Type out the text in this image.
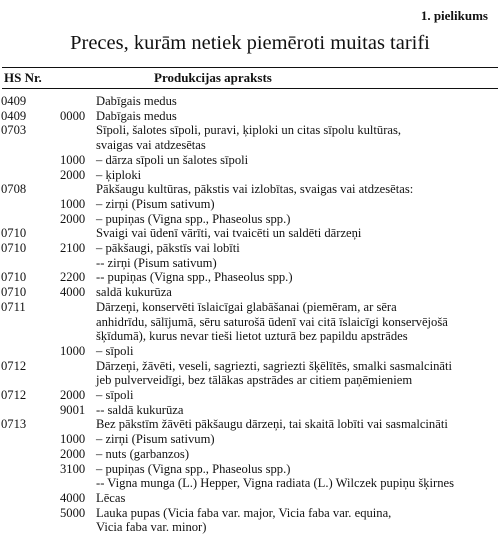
1. pielikums
Preces, kurām netiek piemēroti muitas tarifi
HS Nr.	Produkcijas apraksts
0409	Dabīgais medus
0409	0000 Dabīgais medus
0703	Sīpoli, šalotes sīpoli, puravi, ķiploki un citas sīpolu kultūras,
svaigas vai atdzesētas
1000 – dārza sīpoli un šalotes sīpoli
2000 – ķiploki
0708	Pākšaugu kultūras, pākstis vai izlobītas, svaigas vai atdzesētas:
1000 – zirņi (Pisum sativum)
2000 – pupiņas (Vigna spp., Phaseolus spp.)
0710	Svaigi vai ūdenī vārīti, vai tvaicēti un saldēti dārzeņi
0710	2100 – pākšaugi, pākstīs vai lobīti
-- zirņi (Pisum sativum)
0710	2200 -- pupiņas (Vigna spp., Phaseolus spp.)
0710	4000 saldā kukurūza
0711	Dārzeņi, konservēti īslaicīgai glabāšanai (piemēram, ar sēra
anhidrīdu, sālījumā, sēru saturošā ūdenī vai citā īslaicīgi konservējošā
šķīdumā), kurus nevar tieši lietot uzturā bez papildu apstrādes
1000 – sīpoli
0712	Dārzeņi, žāvēti, veseli, sagriezti, sagriezti šķēlītēs, smalki sasmalcināti
jeb pulverveidīgi, bez tālākas apstrādes ar citiem paņēmieniem
0712	2000 – sīpoli
9001 -- saldā kukurūza
0713	Bez pākstīm žāvēti pākšaugu dārzeņi, tai skaitā lobīti vai sasmalcināti
1000 – zirņi (Pisum sativum)
2000 – nuts (garbanzos)
3100 – pupiņas (Vigna spp., Phaseolus spp.)
-- Vigna munga (L.) Hepper, Vigna radiata (L.) Wilczek pupiņu šķirnes
4000 Lēcas
5000 Lauka pupas (Vicia faba var. major, Vicia faba var. equina,
Vicia faba var. minor)
